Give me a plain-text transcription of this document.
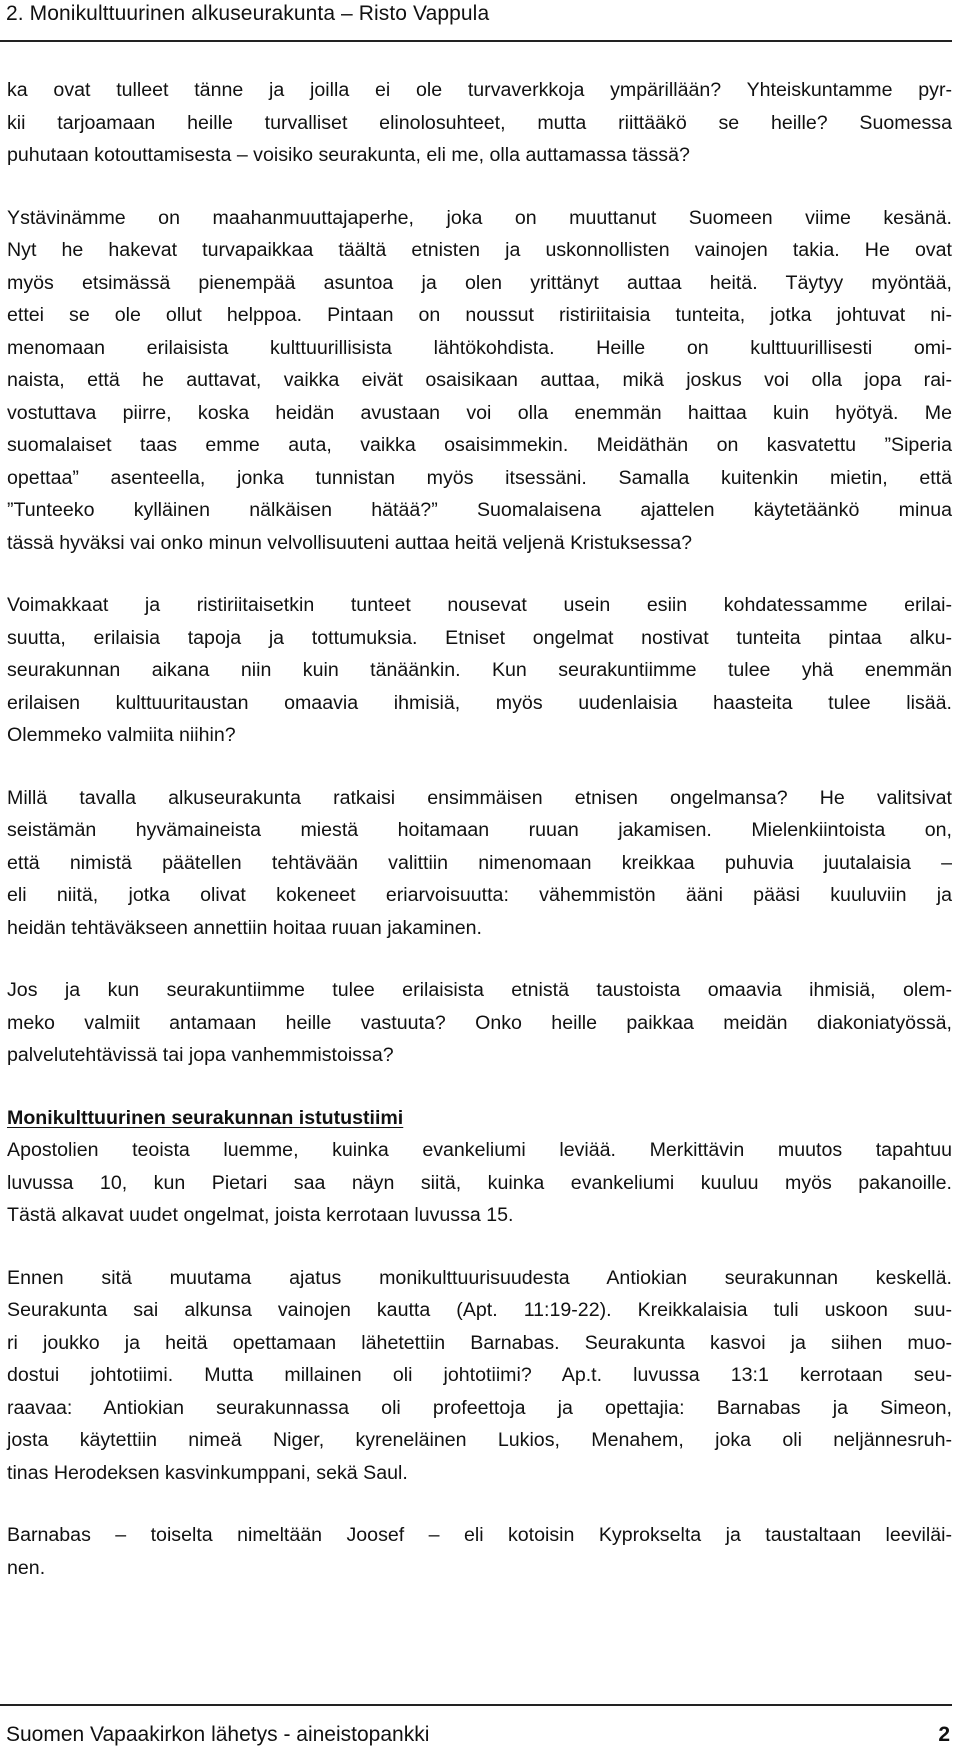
2. Monikulttuurinen alkuseurakunta – Risto Vappula

ka ovat tulleet tänne ja joilla ei ole turvaverkkoja ympärillään? Yhteiskuntamme pyr-
kii tarjoamaan heille turvalliset elinolosuhteet, mutta riittääkö se heille? Suomessa
puhutaan kotouttamisesta – voisiko seurakunta, eli me, olla auttamassa tässä?

Ystävinämme on maahanmuuttajaperhe, joka on muuttanut Suomeen viime kesänä.
Nyt he hakevat turvapaikkaa täältä etnisten ja uskonnollisten vainojen takia. He ovat
myös etsimässä pienempää asuntoa ja olen yrittänyt auttaa heitä. Täytyy myöntää,
ettei se ole ollut helppoa. Pintaan on noussut ristiriitaisia tunteita, jotka johtuvat ni-
menomaan erilaisista kulttuurillisista lähtökohdista. Heille on kulttuurillisesti omi-
naista, että he auttavat, vaikka eivät osaisikaan auttaa, mikä joskus voi olla jopa rai-
vostuttava piirre, koska heidän avustaan voi olla enemmän haittaa kuin hyötyä. Me
suomalaiset taas emme auta, vaikka osaisimmekin. Meidäthän on kasvatettu ”Siperia
opettaa” asenteella, jonka tunnistan myös itsessäni. Samalla kuitenkin mietin, että
”Tunteeko kylläinen nälkäisen hätää?” Suomalaisena ajattelen käytetäänkö minua
tässä hyväksi vai onko minun velvollisuuteni auttaa heitä veljenä Kristuksessa?

Voimakkaat ja ristiriitaisetkin tunteet nousevat usein esiin kohdatessamme erilai-
suutta, erilaisia tapoja ja tottumuksia. Etniset ongelmat nostivat tunteita pintaa alku-
seurakunnan aikana niin kuin tänäänkin. Kun seurakuntiimme tulee yhä enemmän
erilaisen kulttuuritaustan omaavia ihmisiä, myös uudenlaisia haasteita tulee lisää.
Olemmeko valmiita niihin?

Millä tavalla alkuseurakunta ratkaisi ensimmäisen etnisen ongelmansa? He valitsivat
seistämän hyvämaineista miestä hoitamaan ruuan jakamisen. Mielenkiintoista on,
että nimistä päätellen tehtävään valittiin nimenomaan kreikkaa puhuvia juutalaisia –
eli niitä, jotka olivat kokeneet eriarvoisuutta: vähemmistön ääni pääsi kuuluviin ja
heidän tehtäväkseen annettiin hoitaa ruuan jakaminen.

Jos ja kun seurakuntiimme tulee erilaisista etnistä taustoista omaavia ihmisiä, olem-
meko valmiit antamaan heille vastuuta? Onko heille paikkaa meidän diakoniatyössä,
palvelutehtävissä tai jopa vanhemmistoissa?

Monikulttuurinen seurakunnan istutustiimi

Apostolien teoista luemme, kuinka evankeliumi leviää. Merkittävin muutos tapahtuu
luvussa 10, kun Pietari saa näyn siitä, kuinka evankeliumi kuuluu myös pakanoille.
Tästä alkavat uudet ongelmat, joista kerrotaan luvussa 15.

Ennen sitä muutama ajatus monikulttuurisuudesta Antiokian seurakunnan keskellä.
Seurakunta sai alkunsa vainojen kautta (Apt. 11:19-22). Kreikkalaisia tuli uskoon suu-
ri joukko ja heitä opettamaan lähetettiin Barnabas. Seurakunta kasvoi ja siihen muo-
dostui johtotiimi. Mutta millainen oli johtotiimi? Ap.t. luvussa 13:1 kerrotaan seu-
raavaa: Antiokian seurakunnassa oli profeettoja ja opettajia: Barnabas ja Simeon,
josta käytettiin nimeä Niger, kyreneläinen Lukios, Menahem, joka oli neljännesruh-
tinas Herodeksen kasvinkumppani, sekä Saul.

Barnabas – toiselta nimeltään Joosef – eli kotoisin Kyprokselta ja taustaltaan leeviläi-
nen.

Suomen Vapaakirkon lähetys - aineistopankki	2
